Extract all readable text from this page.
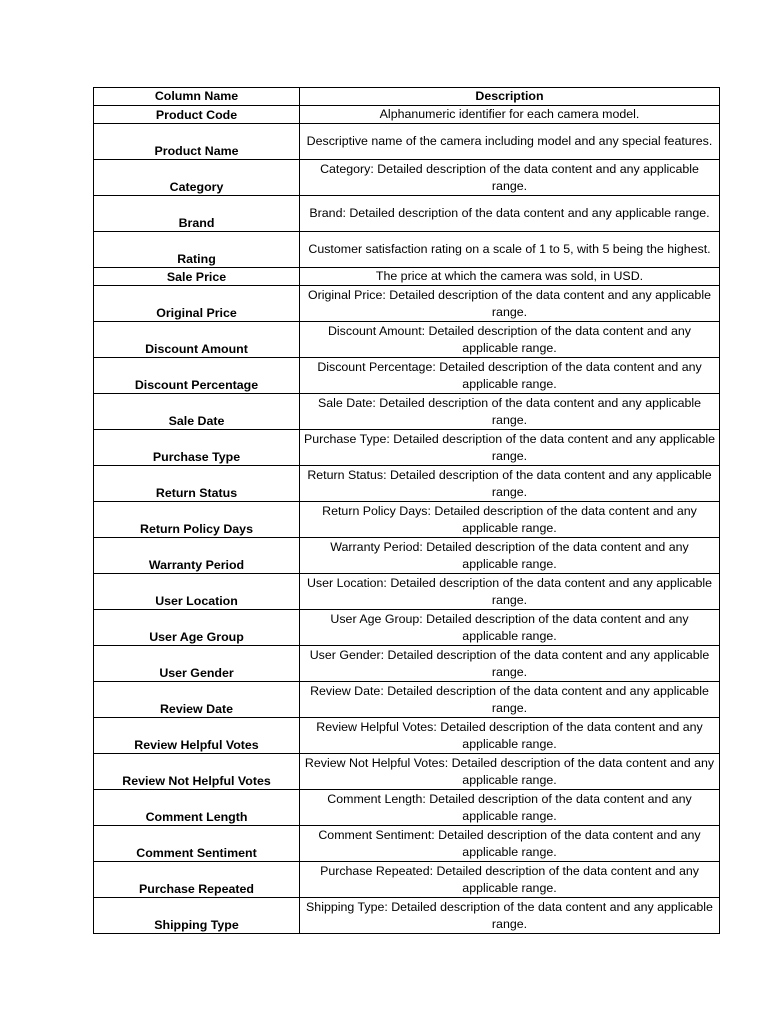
Column Name	Description
Product Code	Alphanumeric identifier for each camera model.
Product Name	Descriptive name of the camera including model and any special features.
Category	Category: Detailed description of the data content and any applicable range.
Brand	Brand: Detailed description of the data content and any applicable range.
Rating	Customer satisfaction rating on a scale of 1 to 5, with 5 being the highest.
Sale Price	The price at which the camera was sold, in USD.
Original Price	Original Price: Detailed description of the data content and any applicable range.
Discount Amount	Discount Amount: Detailed description of the data content and any applicable range.
Discount Percentage	Discount Percentage: Detailed description of the data content and any applicable range.
Sale Date	Sale Date: Detailed description of the data content and any applicable range.
Purchase Type	Purchase Type: Detailed description of the data content and any applicable range.
Return Status	Return Status: Detailed description of the data content and any applicable range.
Return Policy Days	Return Policy Days: Detailed description of the data content and any applicable range.
Warranty Period	Warranty Period: Detailed description of the data content and any applicable range.
User Location	User Location: Detailed description of the data content and any applicable range.
User Age Group	User Age Group: Detailed description of the data content and any applicable range.
User Gender	User Gender: Detailed description of the data content and any applicable range.
Review Date	Review Date: Detailed description of the data content and any applicable range.
Review Helpful Votes	Review Helpful Votes: Detailed description of the data content and any applicable range.
Review Not Helpful Votes	Review Not Helpful Votes: Detailed description of the data content and any applicable range.
Comment Length	Comment Length: Detailed description of the data content and any applicable range.
Comment Sentiment	Comment Sentiment: Detailed description of the data content and any applicable range.
Purchase Repeated	Purchase Repeated: Detailed description of the data content and any applicable range.
Shipping Type	Shipping Type: Detailed description of the data content and any applicable range.
